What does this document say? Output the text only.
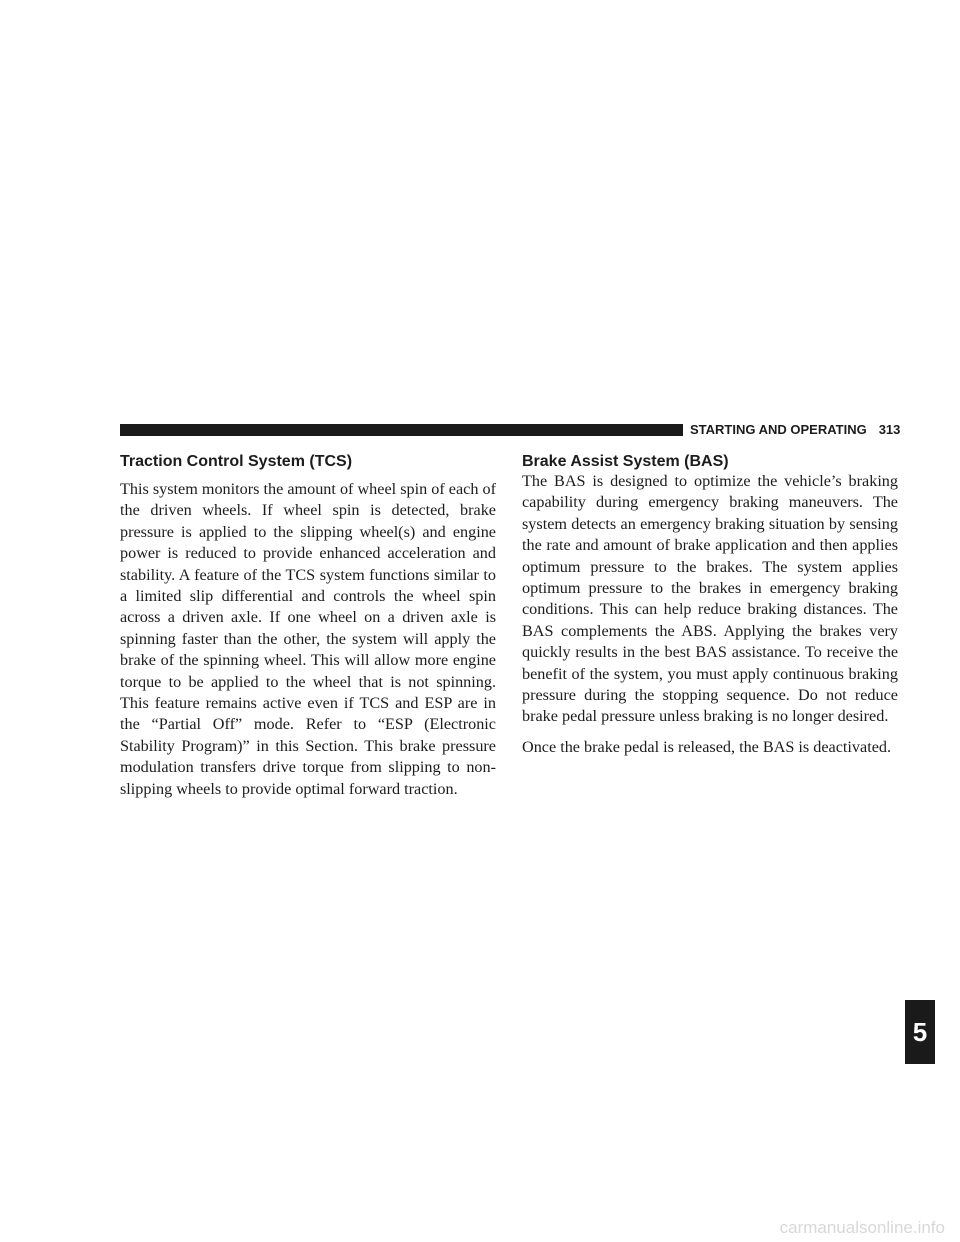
STARTING AND OPERATING 313
Traction Control System (TCS)

This system monitors the amount of wheel spin of each of the driven wheels. If wheel spin is detected, brake pressure is applied to the slipping wheel(s) and engine power is reduced to provide enhanced acceleration and stability. A feature of the TCS system functions similar to a limited slip differential and controls the wheel spin across a driven axle. If one wheel on a driven axle is spinning faster than the other, the system will apply the brake of the spinning wheel. This will allow more engine torque to be applied to the wheel that is not spinning. This feature remains active even if TCS and ESP are in the “Partial Off” mode. Refer to “ESP (Electronic Stability Program)” in this Section. This brake pressure modulation transfers drive torque from slipping to non-slipping wheels to provide optimal forward traction.

Brake Assist System (BAS)

The BAS is designed to optimize the vehicle’s braking capability during emergency braking maneuvers. The system detects an emergency braking situation by sensing the rate and amount of brake application and then applies optimum pressure to the brakes. The system applies optimum pressure to the brakes in emergency braking conditions. This can help reduce braking distances. The BAS complements the ABS. Applying the brakes very quickly results in the best BAS assistance. To receive the benefit of the system, you must apply continuous braking pressure during the stopping sequence. Do not reduce brake pedal pressure unless braking is no longer desired.

Once the brake pedal is released, the BAS is deactivated.

5
carmanualsonline.info
